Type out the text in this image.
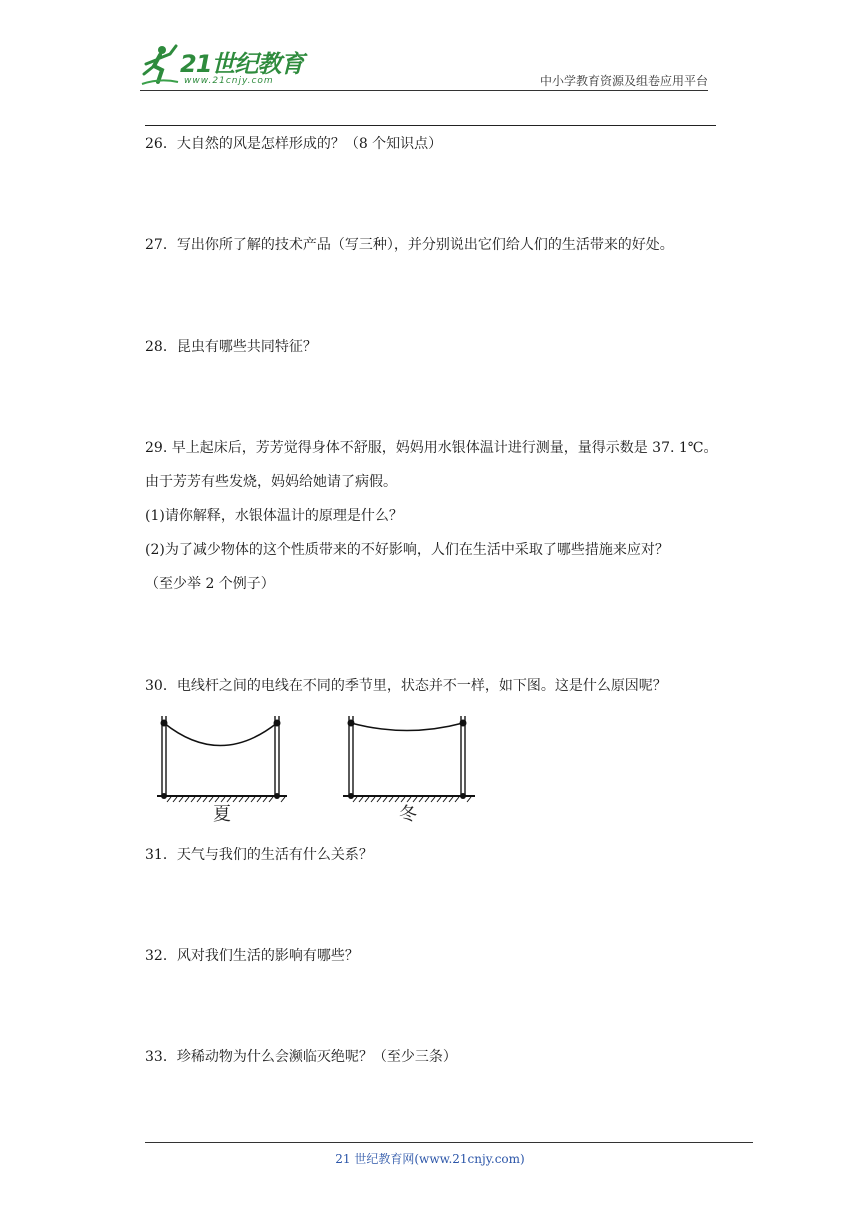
21世纪教育
www.21cnjy.com	中小学教育资源及组卷应用平台
26．大自然的风是怎样形成的？（8 个知识点）
27．写出你所了解的技术产品（写三种），并分别说出它们给人们的生活带来的好处。
28．昆虫有哪些共同特征？
29. 早上起床后，芳芳觉得身体不舒服，妈妈用水银体温计进行测量，量得示数是 37. 1℃。
由于芳芳有些发烧，妈妈给她请了病假。
(1)请你解释，水银体温计的原理是什么？
(2)为了减少物体的这个性质带来的不好影响，人们在生活中采取了哪些措施来应对？
（至少举 2 个例子）
30．电线杆之间的电线在不同的季节里，状态并不一样，如下图。这是什么原因呢？
夏	冬
31．天气与我们的生活有什么关系？
32．风对我们生活的影响有哪些？
33．珍稀动物为什么会濒临灭绝呢？（至少三条）
21 世纪教育网(www.21cnjy.com)
